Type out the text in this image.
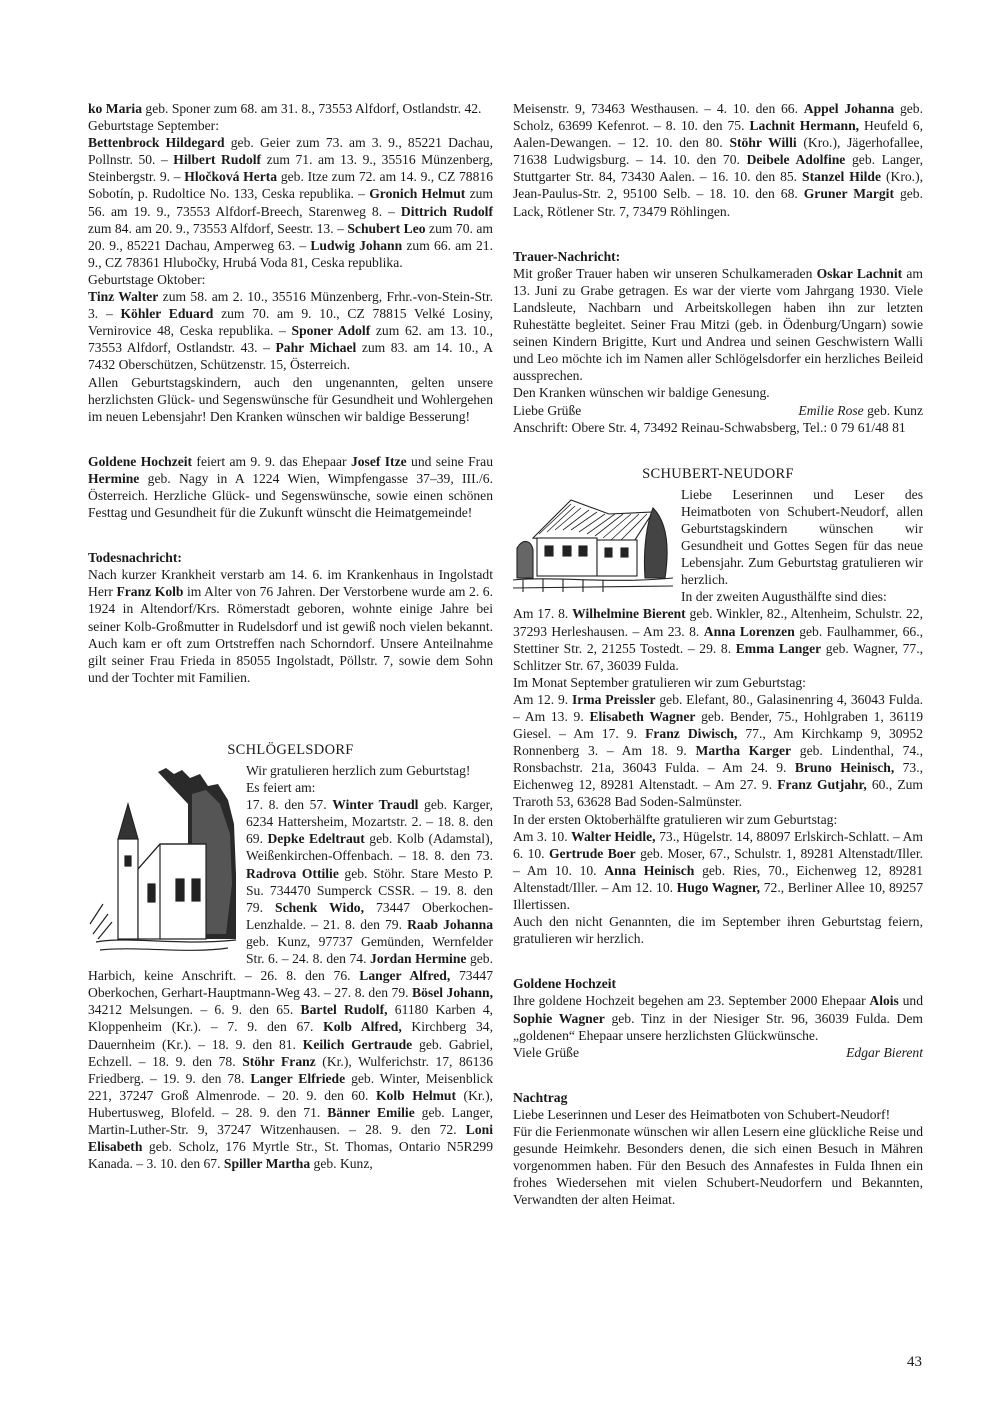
ko Maria geb. Sponer zum 68. am 31. 8., 73553 Alfdorf, Ostlandstr. 42.

Geburtstage September:

Bettenbrock Hildegard geb. Geier zum 73. am 3. 9., 85221 Dachau, Pollnstr. 50. – Hilbert Rudolf zum 71. am 13. 9., 35516 Münzenberg, Steinbergstr. 9. – Hločková Herta geb. Itze zum 72. am 14. 9., CZ 78816 Sobotín, p. Rudoltice No. 133, Ceska republika. – Gronich Helmut zum 56. am 19. 9., 73553 Alfdorf-Breech, Starenweg 8. – Dittrich Rudolf zum 84. am 20. 9., 73553 Alfdorf, Seestr. 13. – Schubert Leo zum 70. am 20. 9., 85221 Dachau, Amperweg 63. – Ludwig Johann zum 66. am 21. 9., CZ 78361 Hlubočky, Hrubá Voda 81, Ceska republika.

Geburtstage Oktober:

Tinz Walter zum 58. am 2. 10., 35516 Münzenberg, Frhr.-von-Stein-Str. 3. – Köhler Eduard zum 70. am 9. 10., CZ 78815 Velké Losiny, Vernirovice 48, Ceska republika. – Sponer Adolf zum 62. am 13. 10., 73553 Alfdorf, Ostlandstr. 43. – Pahr Michael zum 83. am 14. 10., A 7432 Oberschützen, Schützenstr. 15, Österreich.

Allen Geburtstagskindern, auch den ungenannten, gelten unsere herzlichsten Glück- und Segenswünsche für Gesundheit und Wohlergehen im neuen Lebensjahr! Den Kranken wünschen wir baldige Besserung!

Goldene Hochzeit feiert am 9. 9. das Ehepaar Josef Itze und seine Frau Hermine geb. Nagy in A 1224 Wien, Wimpfengasse 37–39, III./6. Österreich. Herzliche Glück- und Segenswünsche, sowie einen schönen Festtag und Gesundheit für die Zukunft wünscht die Heimatgemeinde!

Todesnachricht:

Nach kurzer Krankheit verstarb am 14. 6. im Krankenhaus in Ingolstadt Herr Franz Kolb im Alter von 76 Jahren. Der Verstorbene wurde am 2. 6. 1924 in Altendorf/Krs. Römerstadt geboren, wohnte einige Jahre bei seiner Kolb-Großmutter in Rudelsdorf und ist gewiß noch vielen bekannt. Auch kam er oft zum Ortstreffen nach Schorndorf. Unsere Anteilnahme gilt seiner Frau Frieda in 85055 Ingolstadt, Pöllstr. 7, sowie dem Sohn und der Tochter mit Familien.

SCHLÖGELSDORF

Wir gratulieren herzlich zum Geburtstag!

Es feiert am:

17. 8. den 57. Winter Traudl geb. Karger, 6234 Hattersheim, Mozartstr. 2. – 18. 8. den 69. Depke Edeltraut geb. Kolb (Adamstal), Weißenkirchen-Offenbach. – 18. 8. den 73. Radrova Ottilie geb. Stöhr. Stare Mesto P. Su. 734470 Sumperck CSSR. – 19. 8. den 79. Schenk Wido, 73447 Oberkochen-Lenzhalde. – 21. 8. den 79. Raab Johanna geb. Kunz, 97737 Gemünden, Wernfelder Str. 6. – 24. 8. den 74. Jordan Hermine geb. Harbich, keine Anschrift. – 26. 8. den 76. Langer Alfred, 73447 Oberkochen, Gerhart-Hauptmann-Weg 43. – 27. 8. den 79. Bösel Johann, 34212 Melsungen. – 6. 9. den 65. Bartel Rudolf, 61180 Karben 4, Kloppenheim (Kr.). – 7. 9. den 67. Kolb Alfred, Kirchberg 34, Dauernheim (Kr.). – 18. 9. den 81. Keilich Gertraude geb. Gabriel, Echzell. – 18. 9. den 78. Stöhr Franz (Kr.), Wulferichstr. 17, 86136 Friedberg. – 19. 9. den 78. Langer Elfriede geb. Winter, Meisenblick 221, 37247 Groß Almenrode. – 20. 9. den 60. Kolb Helmut (Kr.), Hubertusweg, Blofeld. – 28. 9. den 71. Bänner Emilie geb. Langer, Martin-Luther-Str. 9, 37247 Witzenhausen. – 28. 9. den 72. Loni Elisabeth geb. Scholz, 176 Myrtle Str., St. Thomas, Ontario N5R299 Kanada. – 3. 10. den 67. Spiller Martha geb. Kunz,

Meisenstr. 9, 73463 Westhausen. – 4. 10. den 66. Appel Johanna geb. Scholz, 63699 Kefenrot. – 8. 10. den 75. Lachnit Hermann, Heufeld 6, Aalen-Dewangen. – 12. 10. den 80. Stöhr Willi (Kro.), Jägerhofallee, 71638 Ludwigsburg. – 14. 10. den 70. Deibele Adolfine geb. Langer, Stuttgarter Str. 84, 73430 Aalen. – 16. 10. den 85. Stanzel Hilde (Kro.), Jean-Paulus-Str. 2, 95100 Selb. – 18. 10. den 68. Gruner Margit geb. Lack, Rötlener Str. 7, 73479 Röhlingen.

Trauer-Nachricht:

Mit großer Trauer haben wir unseren Schulkameraden Oskar Lachnit am 13. Juni zu Grabe getragen. Es war der vierte vom Jahrgang 1930. Viele Landsleute, Nachbarn und Arbeitskollegen haben ihn zur letzten Ruhestätte begleitet. Seiner Frau Mitzi (geb. in Ödenburg/Ungarn) sowie seinen Kindern Brigitte, Kurt und Andrea und seinen Geschwistern Walli und Leo möchte ich im Namen aller Schlögelsdorfer ein herzliches Beileid aussprechen.

Den Kranken wünschen wir baldige Genesung.

Liebe Grüße	Emilie Rose geb. Kunz

Anschrift: Obere Str. 4, 73492 Reinau-Schwabsberg, Tel.: 0 79 61/48 81

SCHUBERT-NEUDORF

Liebe Leserinnen und Leser des Heimatboten von Schubert-Neudorf, allen Geburtstagskindern wünschen wir Gesundheit und Gottes Segen für das neue Lebensjahr. Zum Geburtstag gratulieren wir herzlich.

In der zweiten Augusthälfte sind dies:

Am 17. 8. Wilhelmine Bierent geb. Winkler, 82., Altenheim, Schulstr. 22, 37293 Herleshausen. – Am 23. 8. Anna Lorenzen geb. Faulhammer, 66., Stettiner Str. 2, 21255 Tostedt. – 29. 8. Emma Langer geb. Wagner, 77., Schlitzer Str. 67, 36039 Fulda.

Im Monat September gratulieren wir zum Geburtstag:

Am 12. 9. Irma Preissler geb. Elefant, 80., Galasinenring 4, 36043 Fulda. – Am 13. 9. Elisabeth Wagner geb. Bender, 75., Hohlgraben 1, 36119 Giesel. – Am 17. 9. Franz Diwisch, 77., Am Kirchkamp 9, 30952 Ronnenberg 3. – Am 18. 9. Martha Karger geb. Lindenthal, 74., Ronsbachstr. 21a, 36043 Fulda. – Am 24. 9. Bruno Heinisch, 73., Eichenweg 12, 89281 Altenstadt. – Am 27. 9. Franz Gutjahr, 60., Zum Traroth 53, 63628 Bad Soden-Salmünster.

In der ersten Oktoberhälfte gratulieren wir zum Geburtstag:

Am 3. 10. Walter Heidle, 73., Hügelstr. 14, 88097 Erlskirch-Schlatt. – Am 6. 10. Gertrude Boer geb. Moser, 67., Schulstr. 1, 89281 Altenstadt/Iller. – Am 10. 10. Anna Heinisch geb. Ries, 70., Eichenweg 12, 89281 Altenstadt/Iller. – Am 12. 10. Hugo Wagner, 72., Berliner Allee 10, 89257 Illertissen.

Auch den nicht Genannten, die im September ihren Geburtstag feiern, gratulieren wir herzlich.

Goldene Hochzeit

Ihre goldene Hochzeit begehen am 23. September 2000 Ehepaar Alois und Sophie Wagner geb. Tinz in der Niesiger Str. 96, 36039 Fulda. Dem „goldenen“ Ehepaar unsere herzlichsten Glückwünsche.

Viele Grüße	Edgar Bierent

Nachtrag

Liebe Leserinnen und Leser des Heimatboten von Schubert-Neudorf!

Für die Ferienmonate wünschen wir allen Lesern eine glückliche Reise und gesunde Heimkehr. Besonders denen, die sich einen Besuch in Mähren vorgenommen haben. Für den Besuch des Annafestes in Fulda Ihnen ein frohes Wiedersehen mit vielen Schubert-Neudorfern und Bekannten, Verwandten der alten Heimat.

43
